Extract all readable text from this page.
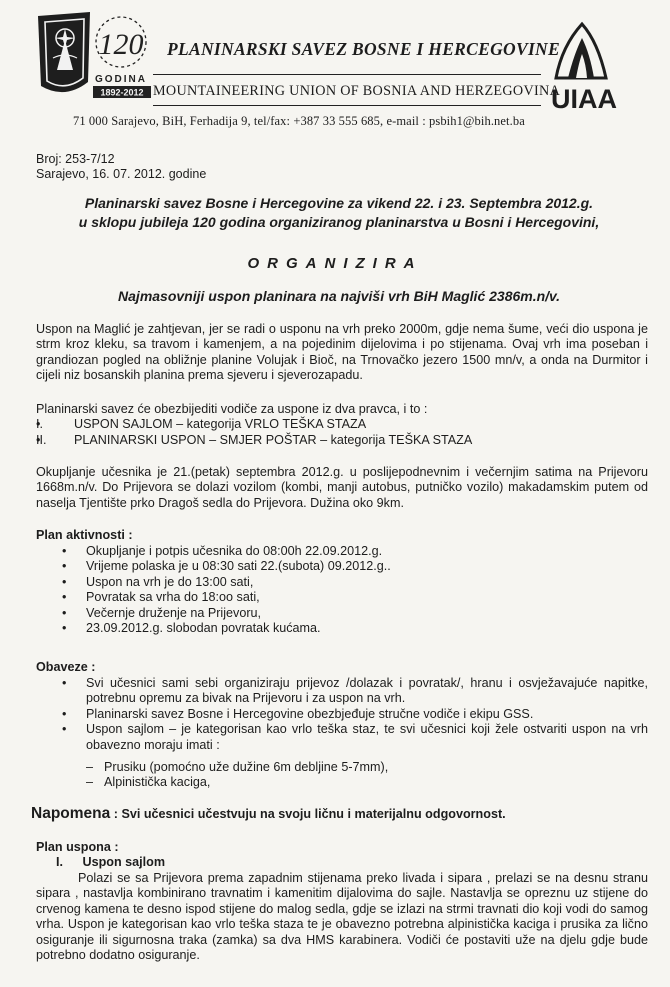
120
GODINA
1892-2012
PLANINARSKI SAVEZ BOSNE I HERCEGOVINE
MOUNTAINEERING UNION OF BOSNIA AND HERZEGOVINA
UIAA
71 000 Sarajevo, BiH, Ferhadija 9, tel/fax: +387 33 555 685, e-mail : psbih1@bih.net.ba
Broj: 253-7/12
Sarajevo, 16. 07. 2012. godine
Planinarski savez Bosne i Hercegovine za vikend 22. i 23. Septembra 2012.g.
u sklopu jubileja 120 godina organiziranog planinarstva u Bosni i Hercegovini,
ORGANIZIRA
Najmasovniji uspon planinara na najviši vrh BiH Maglić 2386m.n/v.

Uspon na Maglić je zahtjevan, jer se radi o usponu na vrh preko 2000m, gdje nema šume, veći dio uspona je strm kroz kleku, sa travom i kamenjem, a na pojedinim dijelovima i po stijenama. Ovaj vrh ima poseban i grandiozan pogled na obližnje planine Volujak i Bioč, na Trnovačko jezero 1500 mn/v, a onda na Durmitor i cijeli niz bosanskih planina prema sjeveru i sjeverozapadu.

Planinarski savez će obezbijediti vodiče za uspone iz dva pravca, i to :

• I. USPON SAJLOM – kategorija VRLO TEŠKA STAZA
• II. PLANINARSKI USPON – SMJER POŠTAR – kategorija TEŠKA STAZA

Okupljanje učesnika je 21.(petak) septembra 2012.g. u poslijepodnevnim i večernjim satima na Prijevoru 1668m.n/v. Do Prijevora se dolazi vozilom (kombi, manji autobus, putničko vozilo) makadamskim putem od naselja Tjentište prko Dragoš sedla do Prijevora. Dužina oko 9km.

Plan aktivnosti :
• Okupljanje i potpis učesnika do 08:00h 22.09.2012.g.
• Vrijeme polaska je u 08:30 sati 22.(subota) 09.2012.g..
• Uspon na vrh je do 13:00 sati,
• Povratak sa vrha do 18:oo sati,
• Večernje druženje na Prijevoru,
• 23.09.2012.g. slobodan povratak kućama.
Obaveze :
• Svi učesnici sami sebi organiziraju prijevoz /dolazak i povratak/, hranu i osvježavajuće napitke, potrebnu opremu za bivak na Prijevoru i za uspon na vrh.
• Planinarski savez Bosne i Hercegovine obezbjeđuje stručne vodiče i ekipu GSS.
• Uspon sajlom – je kategorisan kao vrlo teška staz, te svi učesnici koji žele ostvariti uspon na vrh obavezno moraju imati :
– Prusiku (pomoćno uže dužine 6m debljine 5-7mm),
– Alpinistička kaciga,
Napomena : Svi učesnici učestvuju na svoju ličnu i materijalnu odgovornost.
Plan uspona :
I. Uspon sajlom

Polazi se sa Prijevora prema zapadnim stijenama preko livada i sipara , prelazi se na desnu stranu sipara , nastavlja kombinirano travnatim i kamenitim dijalovima do sajle. Nastavlja se opreznu uz stijene do crvenog kamena te desno ispod stijene do malog sedla, gdje se izlazi na strmi travnati dio koji vodi do samog vrha. Uspon je kategorisan kao vrlo teška staza te je obavezno potrebna alpinistička kaciga i prusika za lično osiguranje ili sigurnosna traka (zamka) sa dva HMS karabinera. Vodiči će postaviti uže na djelu gdje bude potrebno dodatno osiguranje.
